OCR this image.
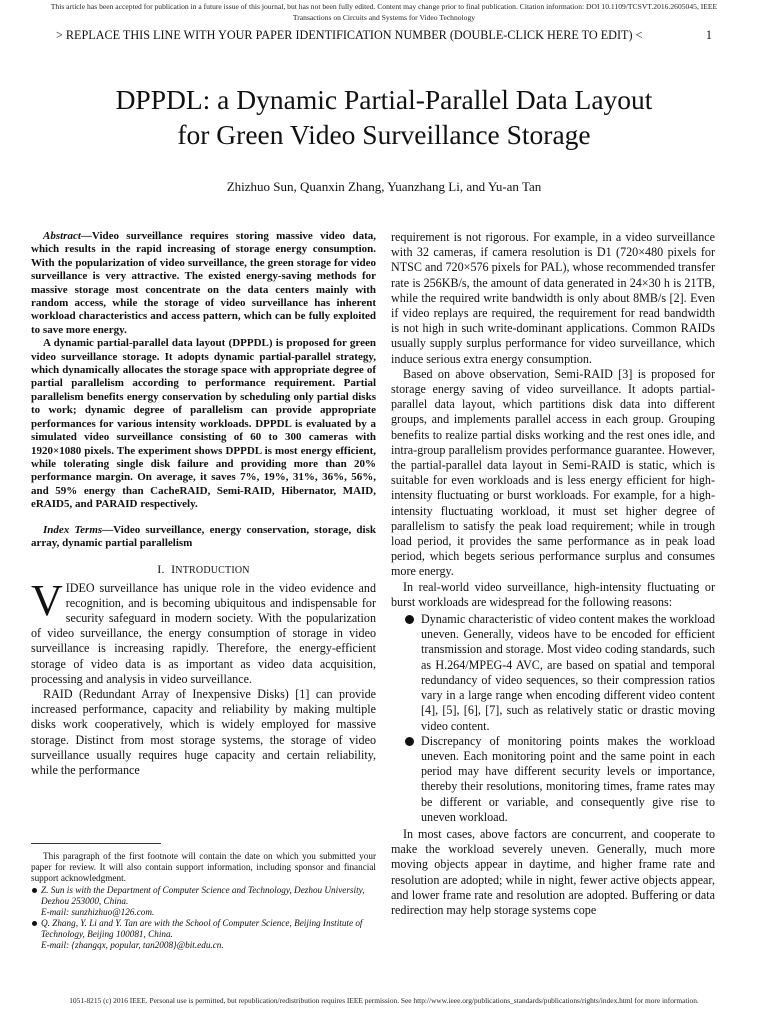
This article has been accepted for publication in a future issue of this journal, but has not been fully edited. Content may change prior to final publication. Citation information: DOI 10.1109/TCSVT.2016.2605045, IEEE
Transactions on Circuits and Systems for Video Technology
> REPLACE THIS LINE WITH YOUR PAPER IDENTIFICATION NUMBER (DOUBLE-CLICK HERE TO EDIT) <	1
DPPDL: a Dynamic Partial-Parallel Data Layout
for Green Video Surveillance Storage
Zhizhuo Sun, Quanxin Zhang, Yuanzhang Li, and Yu-an Tan

Abstract—Video surveillance requires storing massive video data, which results in the rapid increasing of storage energy consumption. With the popularization of video surveillance, the green storage for video surveillance is very attractive. The existed energy-saving methods for massive storage most concentrate on the data centers mainly with random access, while the storage of video surveillance has inherent workload characteristics and access pattern, which can be fully exploited to save more energy.

A dynamic partial-parallel data layout (DPPDL) is proposed for green video surveillance storage. It adopts dynamic partial-parallel strategy, which dynamically allocates the storage space with appropriate degree of partial parallelism according to performance requirement. Partial parallelism benefits energy conservation by scheduling only partial disks to work; dynamic degree of parallelism can provide appropriate performances for various intensity workloads. DPPDL is evaluated by a simulated video surveillance consisting of 60 to 300 cameras with 1920×1080 pixels. The experiment shows DPPDL is most energy efficient, while tolerating single disk failure and providing more than 20% performance margin. On average, it saves 7%, 19%, 31%, 36%, 56%, and 59% energy than CacheRAID, Semi-RAID, Hibernator, MAID, eRAID5, and PARAID respectively.

Index Terms—Video surveillance, energy conservation, storage, disk array, dynamic partial parallelism

I. INTRODUCTION

VIDEO surveillance has unique role in the video evidence and recognition, and is becoming ubiquitous and indispensable for security safeguard in modern society. With the popularization of video surveillance, the energy consumption of storage in video surveillance is increasing rapidly. Therefore, the energy-efficient storage of video data is as important as video data acquisition, processing and analysis in video surveillance.

RAID (Redundant Array of Inexpensive Disks) [1] can provide increased performance, capacity and reliability by making multiple disks work cooperatively, which is widely employed for massive storage. Distinct from most storage systems, the storage of video surveillance usually requires huge capacity and certain reliability, while the performance

requirement is not rigorous. For example, in a video surveillance with 32 cameras, if camera resolution is D1 (720×480 pixels for NTSC and 720×576 pixels for PAL), whose recommended transfer rate is 256KB/s, the amount of data generated in 24×30 h is 21TB, while the required write bandwidth is only about 8MB/s [2]. Even if video replays are required, the requirement for read bandwidth is not high in such write-dominant applications. Common RAIDs usually supply surplus performance for video surveillance, which induce serious extra energy consumption.

Based on above observation, Semi-RAID [3] is proposed for storage energy saving of video surveillance. It adopts partial-parallel data layout, which partitions disk data into different groups, and implements parallel access in each group. Grouping benefits to realize partial disks working and the rest ones idle, and intra-group parallelism provides performance guarantee. However, the partial-parallel data layout in Semi-RAID is static, which is suitable for even workloads and is less energy efficient for high-intensity fluctuating or burst workloads. For example, for a high-intensity fluctuating workload, it must set higher degree of parallelism to satisfy the peak load requirement; while in trough load period, it provides the same performance as in peak load period, which begets serious performance surplus and consumes more energy.

In real-world video surveillance, high-intensity fluctuating or burst workloads are widespread for the following reasons:

Dynamic characteristic of video content makes the workload uneven. Generally, videos have to be encoded for efficient transmission and storage. Most video coding standards, such as H.264/MPEG-4 AVC, are based on spatial and temporal redundancy of video sequences, so their compression ratios vary in a large range when encoding different video content [4], [5], [6], [7], such as relatively static or drastic moving video content.
Discrepancy of monitoring points makes the workload uneven. Each monitoring point and the same point in each period may have different security levels or importance, thereby their resolutions, monitoring times, frame rates may be different or variable, and consequently give rise to uneven workload.

In most cases, above factors are concurrent, and cooperate to make the workload severely uneven. Generally, much more moving objects appear in daytime, and higher frame rate and resolution are adopted; while in night, fewer active objects appear, and lower frame rate and resolution are adopted. Buffering or data redirection may help storage systems cope

This paragraph of the first footnote will contain the date on which you submitted your paper for review. It will also contain support information, including sponsor and financial support acknowledgment.

Z. Sun is with the Department of Computer Science and Technology, Dezhou University, Dezhou 253000, China.
E-mail: sunzhizhuo@126.com.

Q. Zhang, Y. Li and Y. Tan are with the School of Computer Science, Beijing Institute of Technology, Beijing 100081, China.
E-mail: {zhangqx, popular, tan2008}@bit.edu.cn.

1051-8215 (c) 2016 IEEE. Personal use is permitted, but republication/redistribution requires IEEE permission. See http://www.ieee.org/publications_standards/publications/rights/index.html for more information.
